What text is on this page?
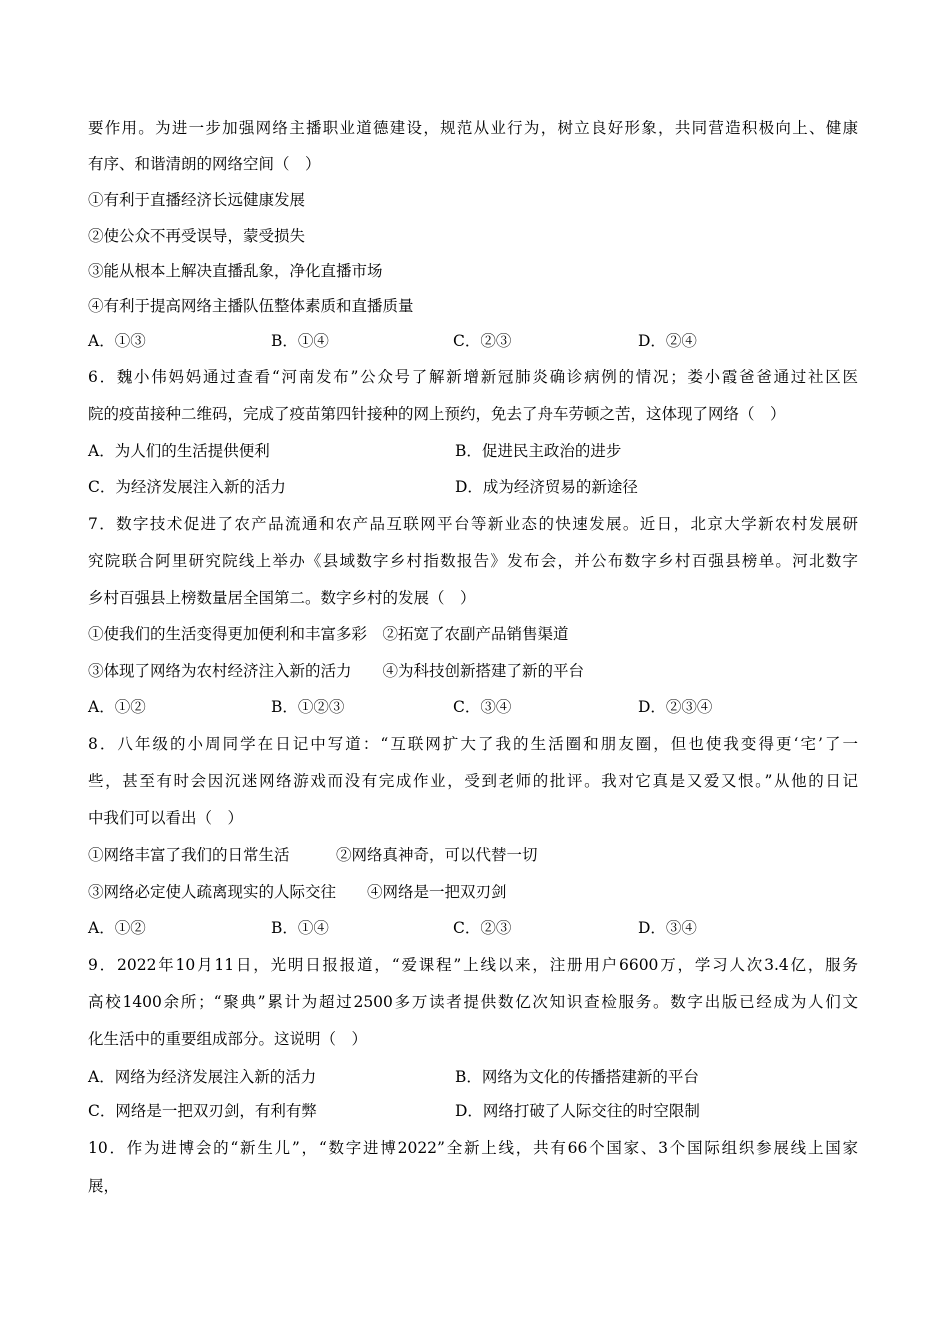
要作用。为进一步加强网络主播职业道德建设，规范从业行为，树立良好形象，共同营造积极向上、健康
有序、和谐清朗的网络空间（　）
①有利于直播经济长远健康发展
②使公众不再受误导，蒙受损失
③能从根本上解决直播乱象，净化直播市场
④有利于提高网络主播队伍整体素质和直播质量
A．①③	B．①④	C．②③	D．②④
6．魏小伟妈妈通过查看“河南发布”公众号了解新增新冠肺炎确诊病例的情况；娄小霞爸爸通过社区医
院的疫苗接种二维码，完成了疫苗第四针接种的网上预约，免去了舟车劳顿之苦，这体现了网络（　）
A．为人们的生活提供便利	B．促进民主政治的进步
C．为经济发展注入新的活力	D．成为经济贸易的新途径
7．数字技术促进了农产品流通和农产品互联网平台等新业态的快速发展。近日，北京大学新农村发展研
究院联合阿里研究院线上举办《县域数字乡村指数报告》发布会，并公布数字乡村百强县榜单。河北数字
乡村百强县上榜数量居全国第二。数字乡村的发展（　）
①使我们的生活变得更加便利和丰富多彩　②拓宽了农副产品销售渠道
③体现了网络为农村经济注入新的活力　　④为科技创新搭建了新的平台
A．①②	B．①②③	C．③④	D．②③④
8．八年级的小周同学在日记中写道：“互联网扩大了我的生活圈和朋友圈，但也使我变得更‘宅’了一
些，甚至有时会因沉迷网络游戏而没有完成作业，受到老师的批评。我对它真是又爱又恨。”从他的日记
中我们可以看出（　）
①网络丰富了我们的日常生活　　　②网络真神奇，可以代替一切
③网络必定使人疏离现实的人际交往　　④网络是一把双刃剑
A．①②	B．①④	C．②③	D．③④
9．2022年10月11日，光明日报报道，“爱课程”上线以来，注册用户6600万，学习人次3.4亿，服务
高校1400余所；“聚典”累计为超过2500多万读者提供数亿次知识查检服务。数字出版已经成为人们文
化生活中的重要组成部分。这说明（　）
A．网络为经济发展注入新的活力	B．网络为文化的传播搭建新的平台
C．网络是一把双刃剑，有利有弊	D．网络打破了人际交往的时空限制
10．作为进博会的“新生儿”，“数字进博2022”全新上线，共有66个国家、3个国际组织参展线上国家
展，
